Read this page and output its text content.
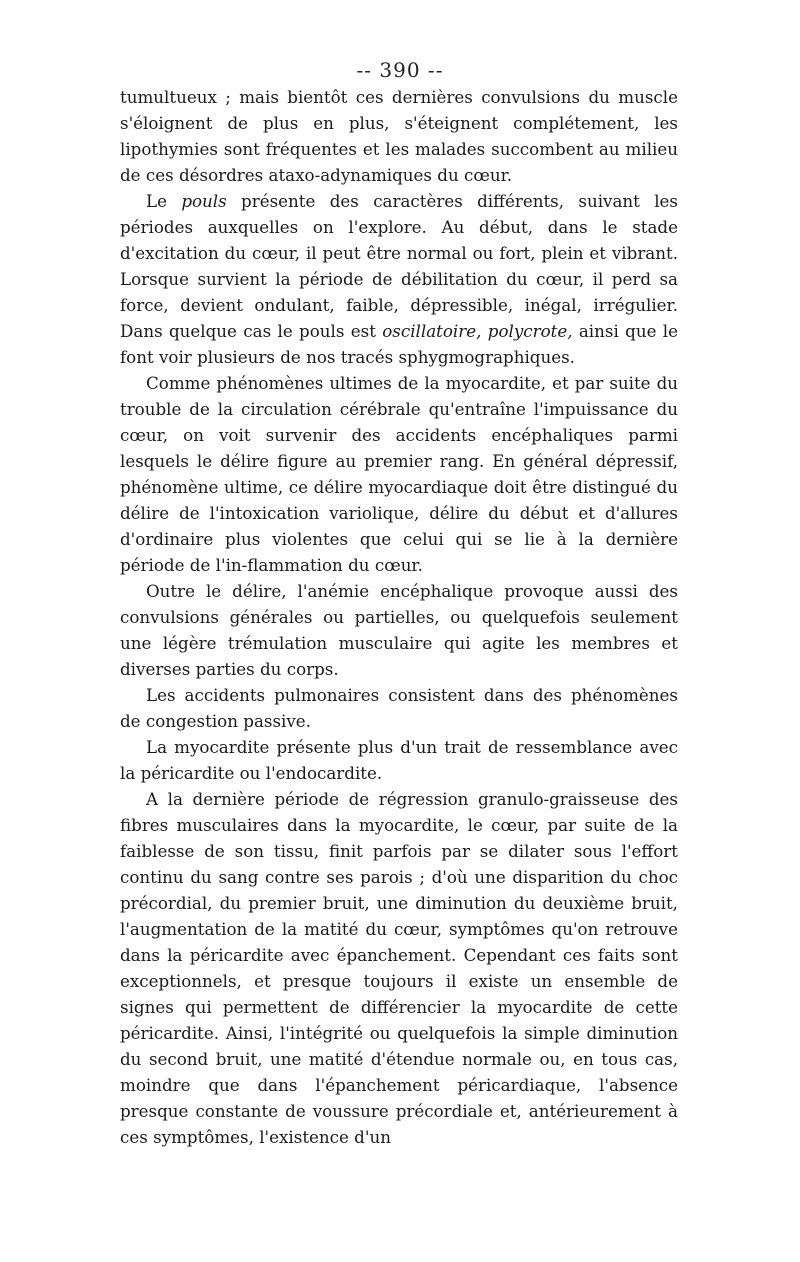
-- 390 --

tumultueux ; mais bientôt ces dernières convulsions du muscle s'éloignent de plus en plus, s'éteignent complétement, les lipothymies sont fréquentes et les malades succombent au milieu de ces désordres ataxo-adynamiques du cœur.

Le pouls présente des caractères différents, suivant les périodes auxquelles on l'explore. Au début, dans le stade d'excitation du cœur, il peut être normal ou fort, plein et vibrant. Lorsque survient la période de débilitation du cœur, il perd sa force, devient ondulant, faible, dépressible, inégal, irrégulier. Dans quelque cas le pouls est oscillatoire, polycrote, ainsi que le font voir plusieurs de nos tracés sphygmographiques.

Comme phénomènes ultimes de la myocardite, et par suite du trouble de la circulation cérébrale qu'entraîne l'impuissance du cœur, on voit survenir des accidents encéphaliques parmi lesquels le délire figure au premier rang. En général dépressif, phénomène ultime, ce délire myocardiaque doit être distingué du délire de l'intoxication variolique, délire du début et d'allures d'ordinaire plus violentes que celui qui se lie à la dernière période de l'in-flammation du cœur.

Outre le délire, l'anémie encéphalique provoque aussi des convulsions générales ou partielles, ou quelquefois seulement une légère trémulation musculaire qui agite les membres et diverses parties du corps.

Les accidents pulmonaires consistent dans des phénomènes de congestion passive.

La myocardite présente plus d'un trait de ressemblance avec la péricardite ou l'endocardite.

A la dernière période de régression granulo-graisseuse des fibres musculaires dans la myocardite, le cœur, par suite de la faiblesse de son tissu, finit parfois par se dilater sous l'effort continu du sang contre ses parois ; d'où une disparition du choc précordial, du premier bruit, une diminution du deuxième bruit, l'augmentation de la matité du cœur, symptômes qu'on retrouve dans la péricardite avec épanchement. Cependant ces faits sont exceptionnels, et presque toujours il existe un ensemble de signes qui permettent de différencier la myocardite de cette péricardite. Ainsi, l'intégrité ou quelquefois la simple diminution du second bruit, une matité d'étendue normale ou, en tous cas, moindre que dans l'épanchement péricardiaque, l'absence presque constante de voussure précordiale et, antérieurement à ces symptômes, l'existence d'un
